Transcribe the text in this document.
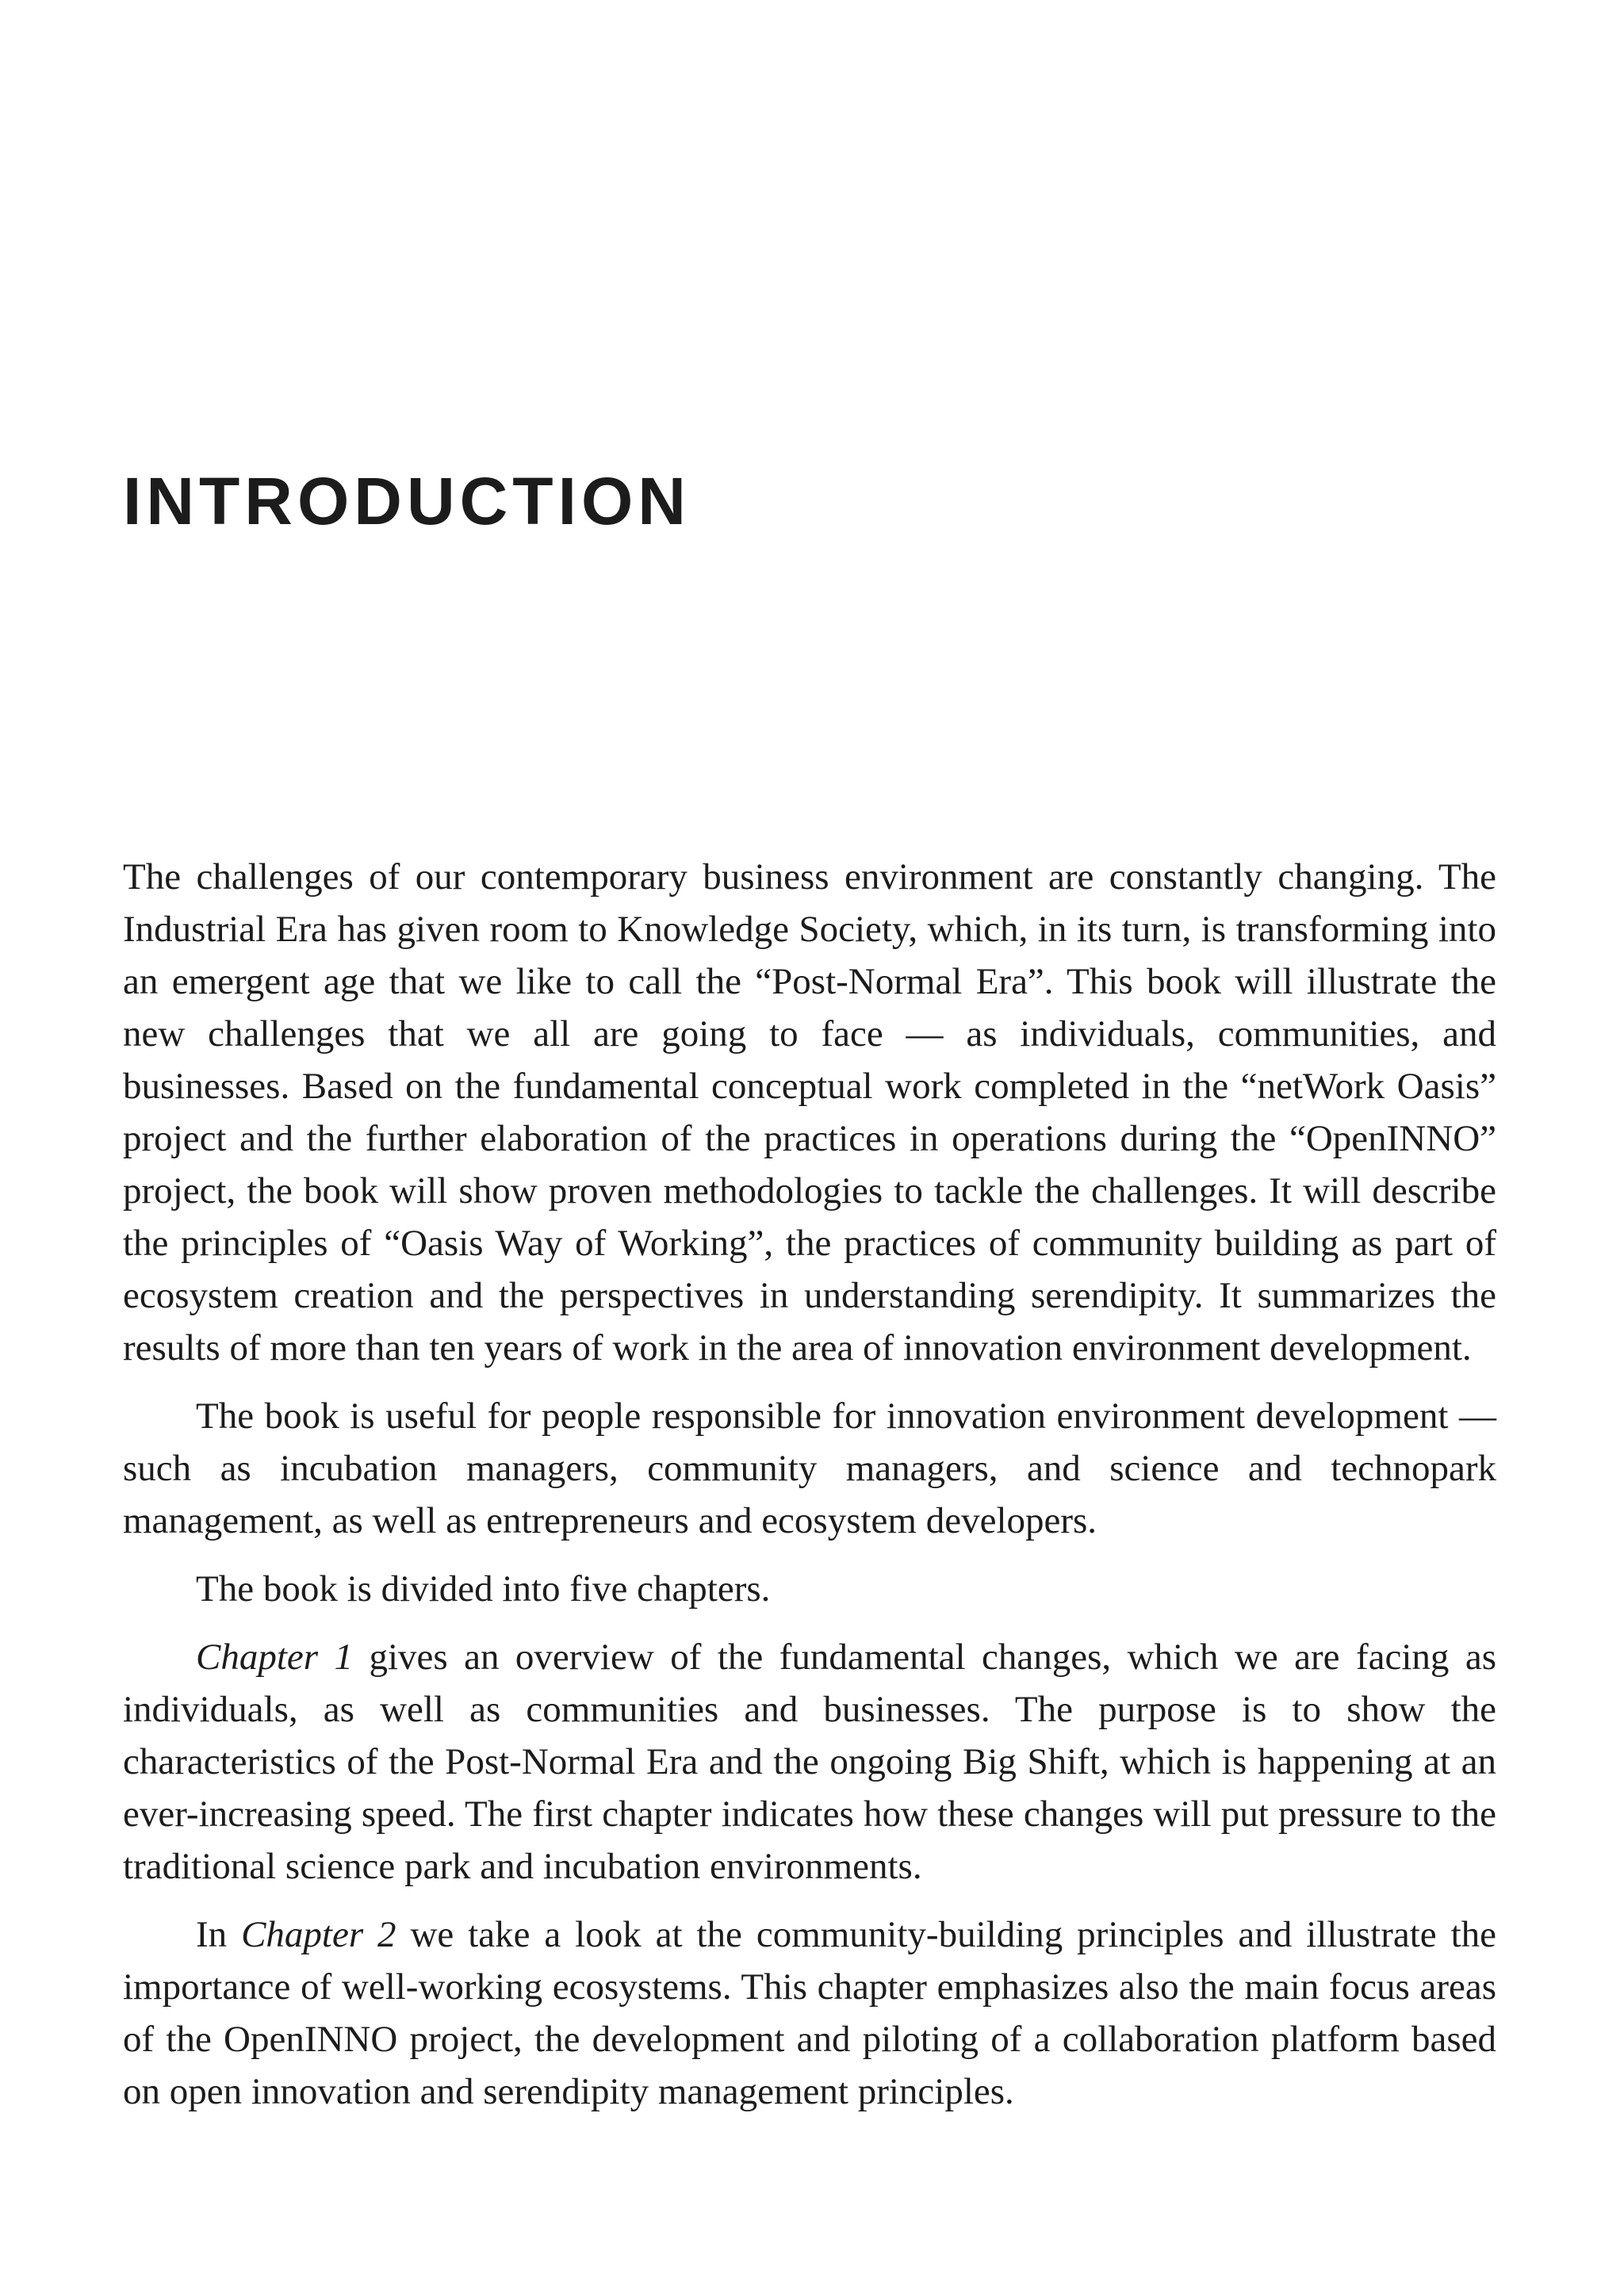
INTRODUCTION

The challenges of our contemporary business environment are constantly changing. The Industrial Era has given room to Knowledge Society, which, in its turn, is transforming into an emergent age that we like to call the “Post-Normal Era”. This book will illustrate the new challenges that we all are going to face — as individuals, communities, and businesses. Based on the fundamental conceptual work completed in the “netWork Oasis” project and the further elaboration of the practices in operations during the “OpenINNO” project, the book will show proven methodologies to tackle the challenges. It will describe the principles of “Oasis Way of Working”, the practices of community building as part of ecosystem creation and the perspectives in understanding serendipity. It summarizes the results of more than ten years of work in the area of innovation environment development.

The book is useful for people responsible for innovation environment development — such as incubation managers, community managers, and science and technopark management, as well as entrepreneurs and ecosystem developers.

The book is divided into five chapters.

Chapter 1 gives an overview of the fundamental changes, which we are facing as individuals, as well as communities and businesses. The purpose is to show the characteristics of the Post-Normal Era and the ongoing Big Shift, which is happening at an ever-increasing speed. The first chapter indicates how these changes will put pressure to the traditional science park and incubation environments.

In Chapter 2 we take a look at the community-building principles and illustrate the importance of well-working ecosystems. This chapter emphasizes also the main focus areas of the OpenINNO project, the development and piloting of a collaboration platform based on open innovation and serendipity management principles.
